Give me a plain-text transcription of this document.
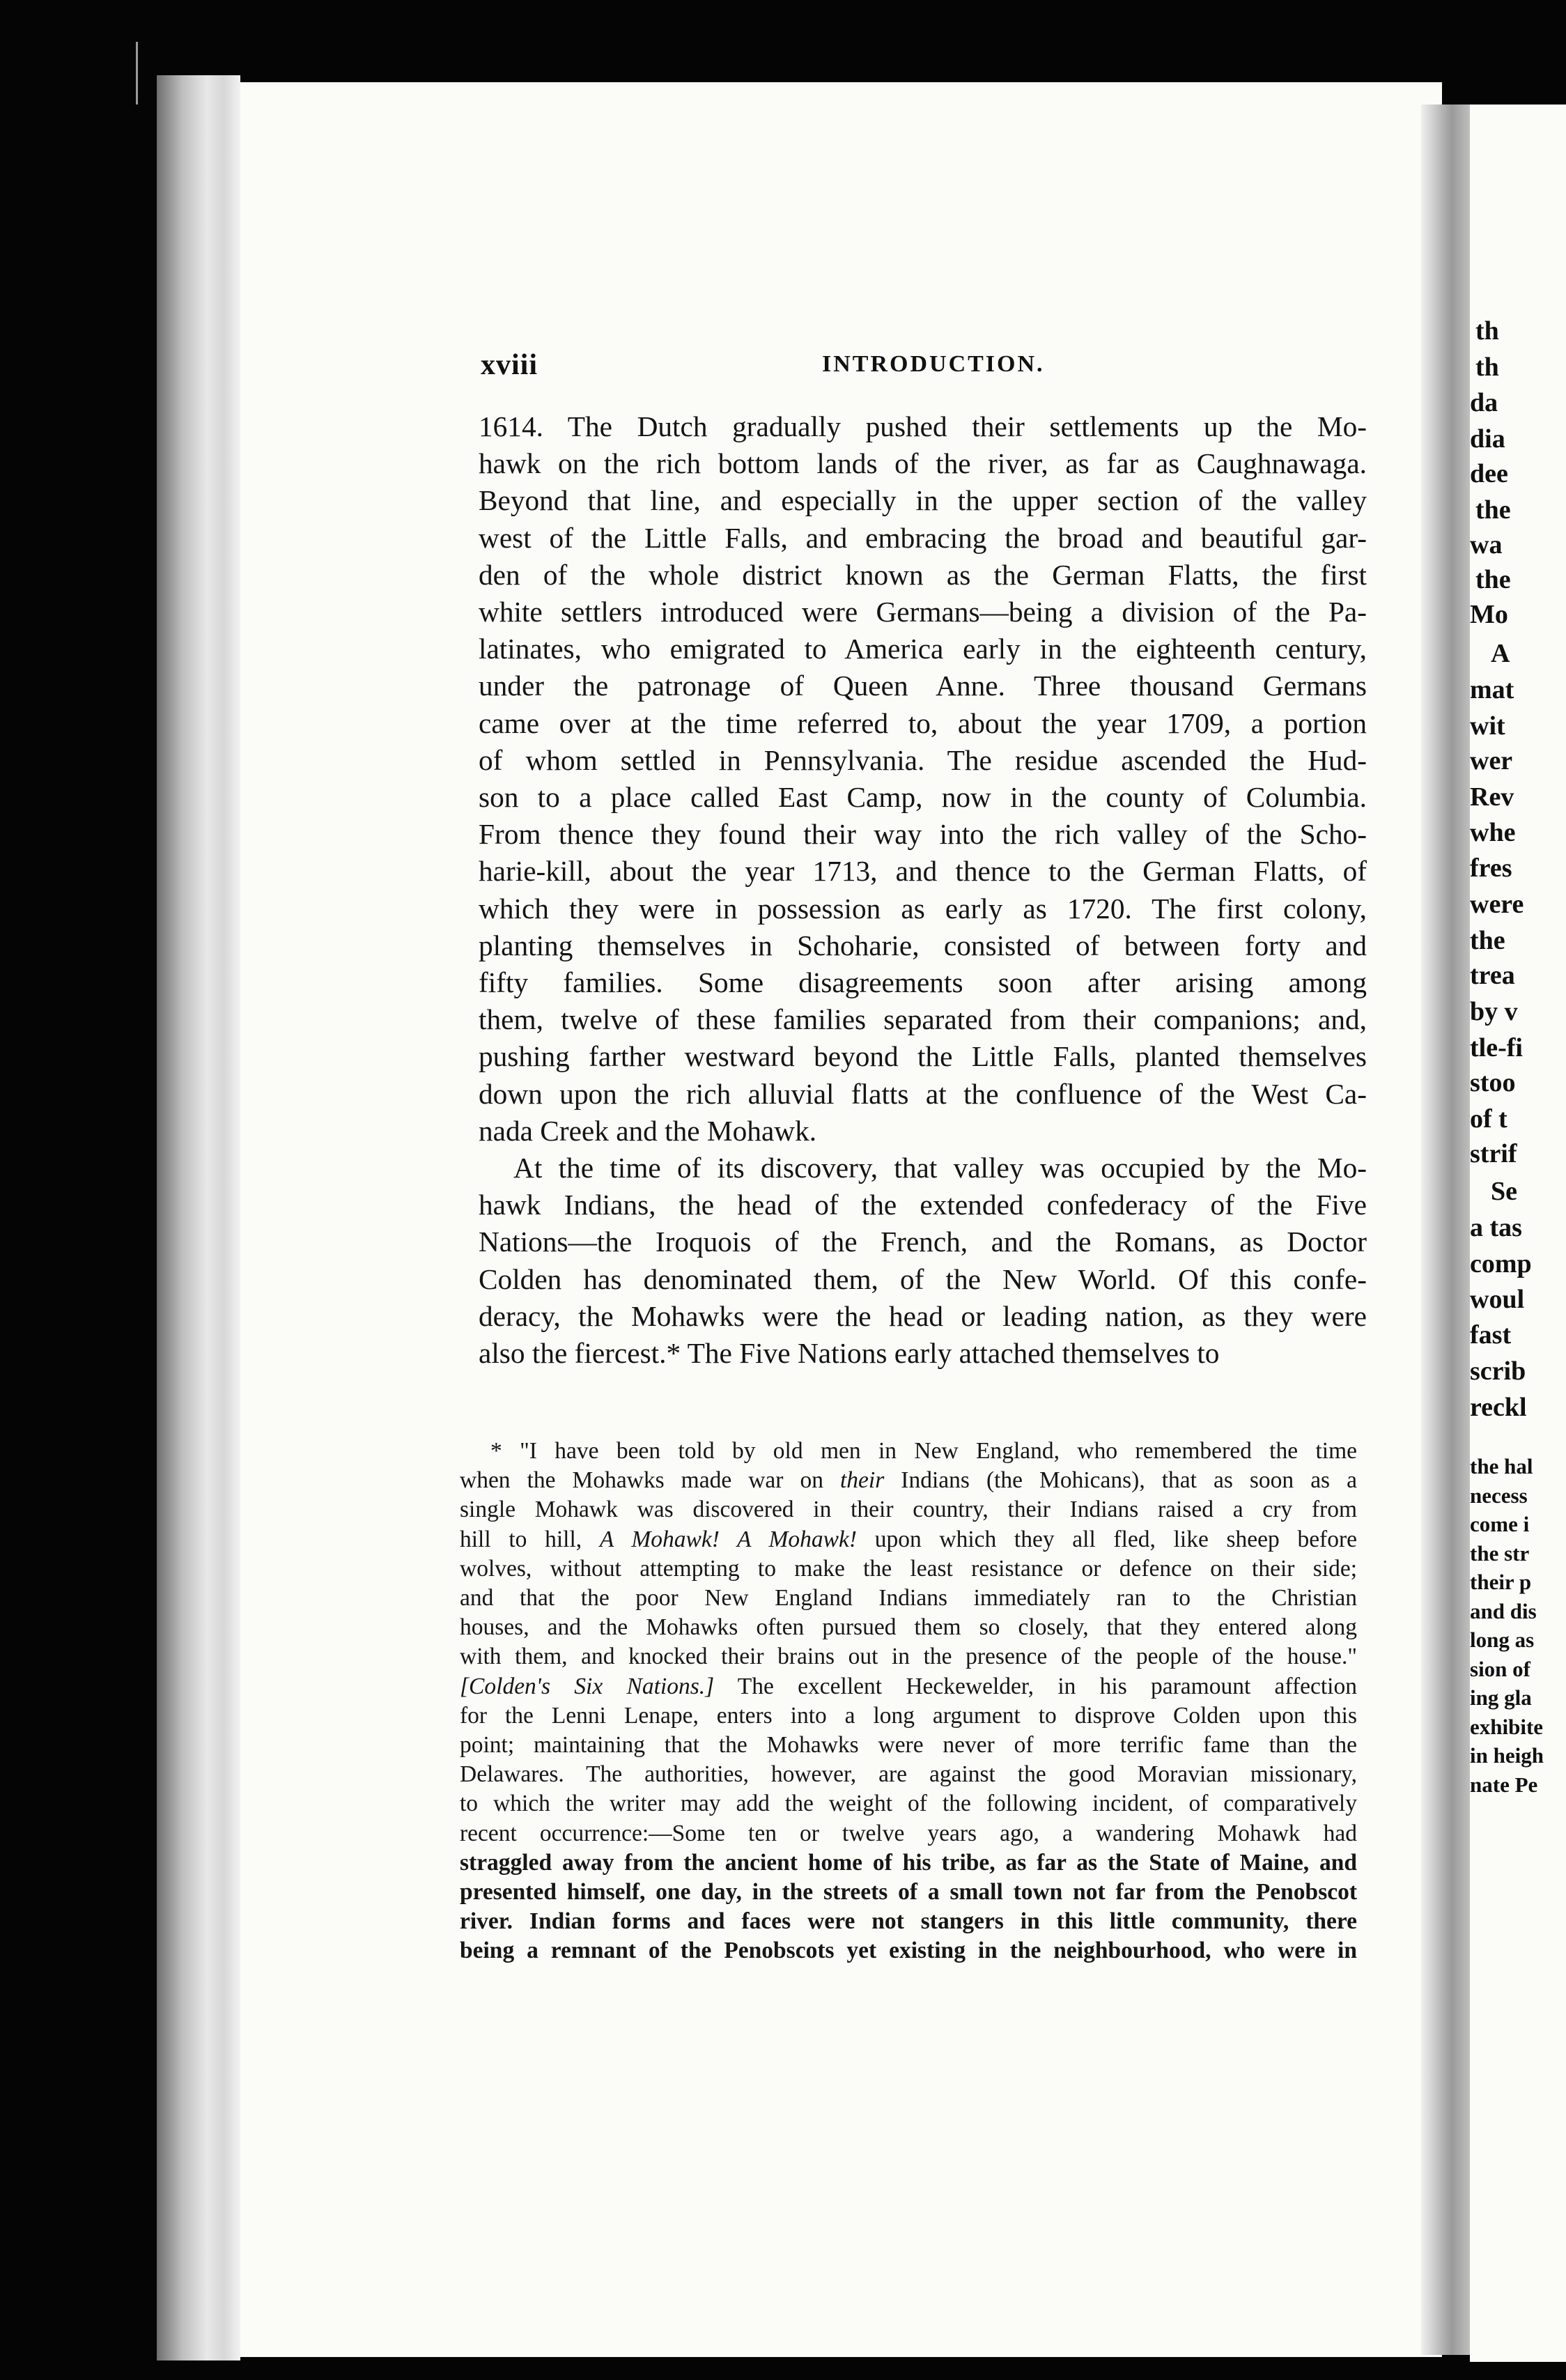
xviii	INTRODUCTION.
1614. The Dutch gradually pushed their settlements up the Mo-
hawk on the rich bottom lands of the river, as far as Caughnawaga.
Beyond that line, and especially in the upper section of the valley
west of the Little Falls, and embracing the broad and beautiful gar-
den of the whole district known as the German Flatts, the first
white settlers introduced were Germans—being a division of the Pa-
latinates, who emigrated to America early in the eighteenth century,
under the patronage of Queen Anne. Three thousand Germans
came over at the time referred to, about the year 1709, a portion
of whom settled in Pennsylvania. The residue ascended the Hud-
son to a place called East Camp, now in the county of Columbia.
From thence they found their way into the rich valley of the Scho-
harie-kill, about the year 1713, and thence to the German Flatts, of
which they were in possession as early as 1720. The first colony,
planting themselves in Schoharie, consisted of between forty and
fifty families. Some disagreements soon after arising among
them, twelve of these families separated from their companions; and,
pushing farther westward beyond the Little Falls, planted themselves
down upon the rich alluvial flatts at the confluence of the West Ca-
nada Creek and the Mohawk.
At the time of its discovery, that valley was occupied by the Mo-
hawk Indians, the head of the extended confederacy of the Five
Nations—the Iroquois of the French, and the Romans, as Doctor
Colden has denominated them, of the New World. Of this confe-
deracy, the Mohawks were the head or leading nation, as they were
also the fiercest.* The Five Nations early attached themselves to
* "I have been told by old men in New England, who remembered the time
when the Mohawks made war on their Indians (the Mohicans), that as soon as a
single Mohawk was discovered in their country, their Indians raised a cry from
hill to hill, A Mohawk! A Mohawk! upon which they all fled, like sheep before
wolves, without attempting to make the least resistance or defence on their side;
and that the poor New England Indians immediately ran to the Christian
houses, and the Mohawks often pursued them so closely, that they entered along
with them, and knocked their brains out in the presence of the people of the house."
[Colden's Six Nations.] The excellent Heckewelder, in his paramount affection
for the Lenni Lenape, enters into a long argument to disprove Colden upon this
point; maintaining that the Mohawks were never of more terrific fame than the
Delawares. The authorities, however, are against the good Moravian missionary,
to which the writer may add the weight of the following incident, of comparatively
recent occurrence:—Some ten or twelve years ago, a wandering Mohawk had
straggled away from the ancient home of his tribe, as far as the State of Maine, and
presented himself, one day, in the streets of a small town not far from the Penobscot
river. Indian forms and faces were not stangers in this little community, there
being a remnant of the Penobscots yet existing in the neighbourhood, who were in
th
th
da
dia
dee
the
wa
the
Mo
A
mat
wit
wer
Rev
whe
fres
were
the
trea
by v
tle-fi
stoo
of t
strif
Se
a tas
comp
woul
fast
scrib
reckl
the hal
necess
come i
the str
their p
and dis
long as
sion of
ing gla
exhibite
in heigh
nate Pe
